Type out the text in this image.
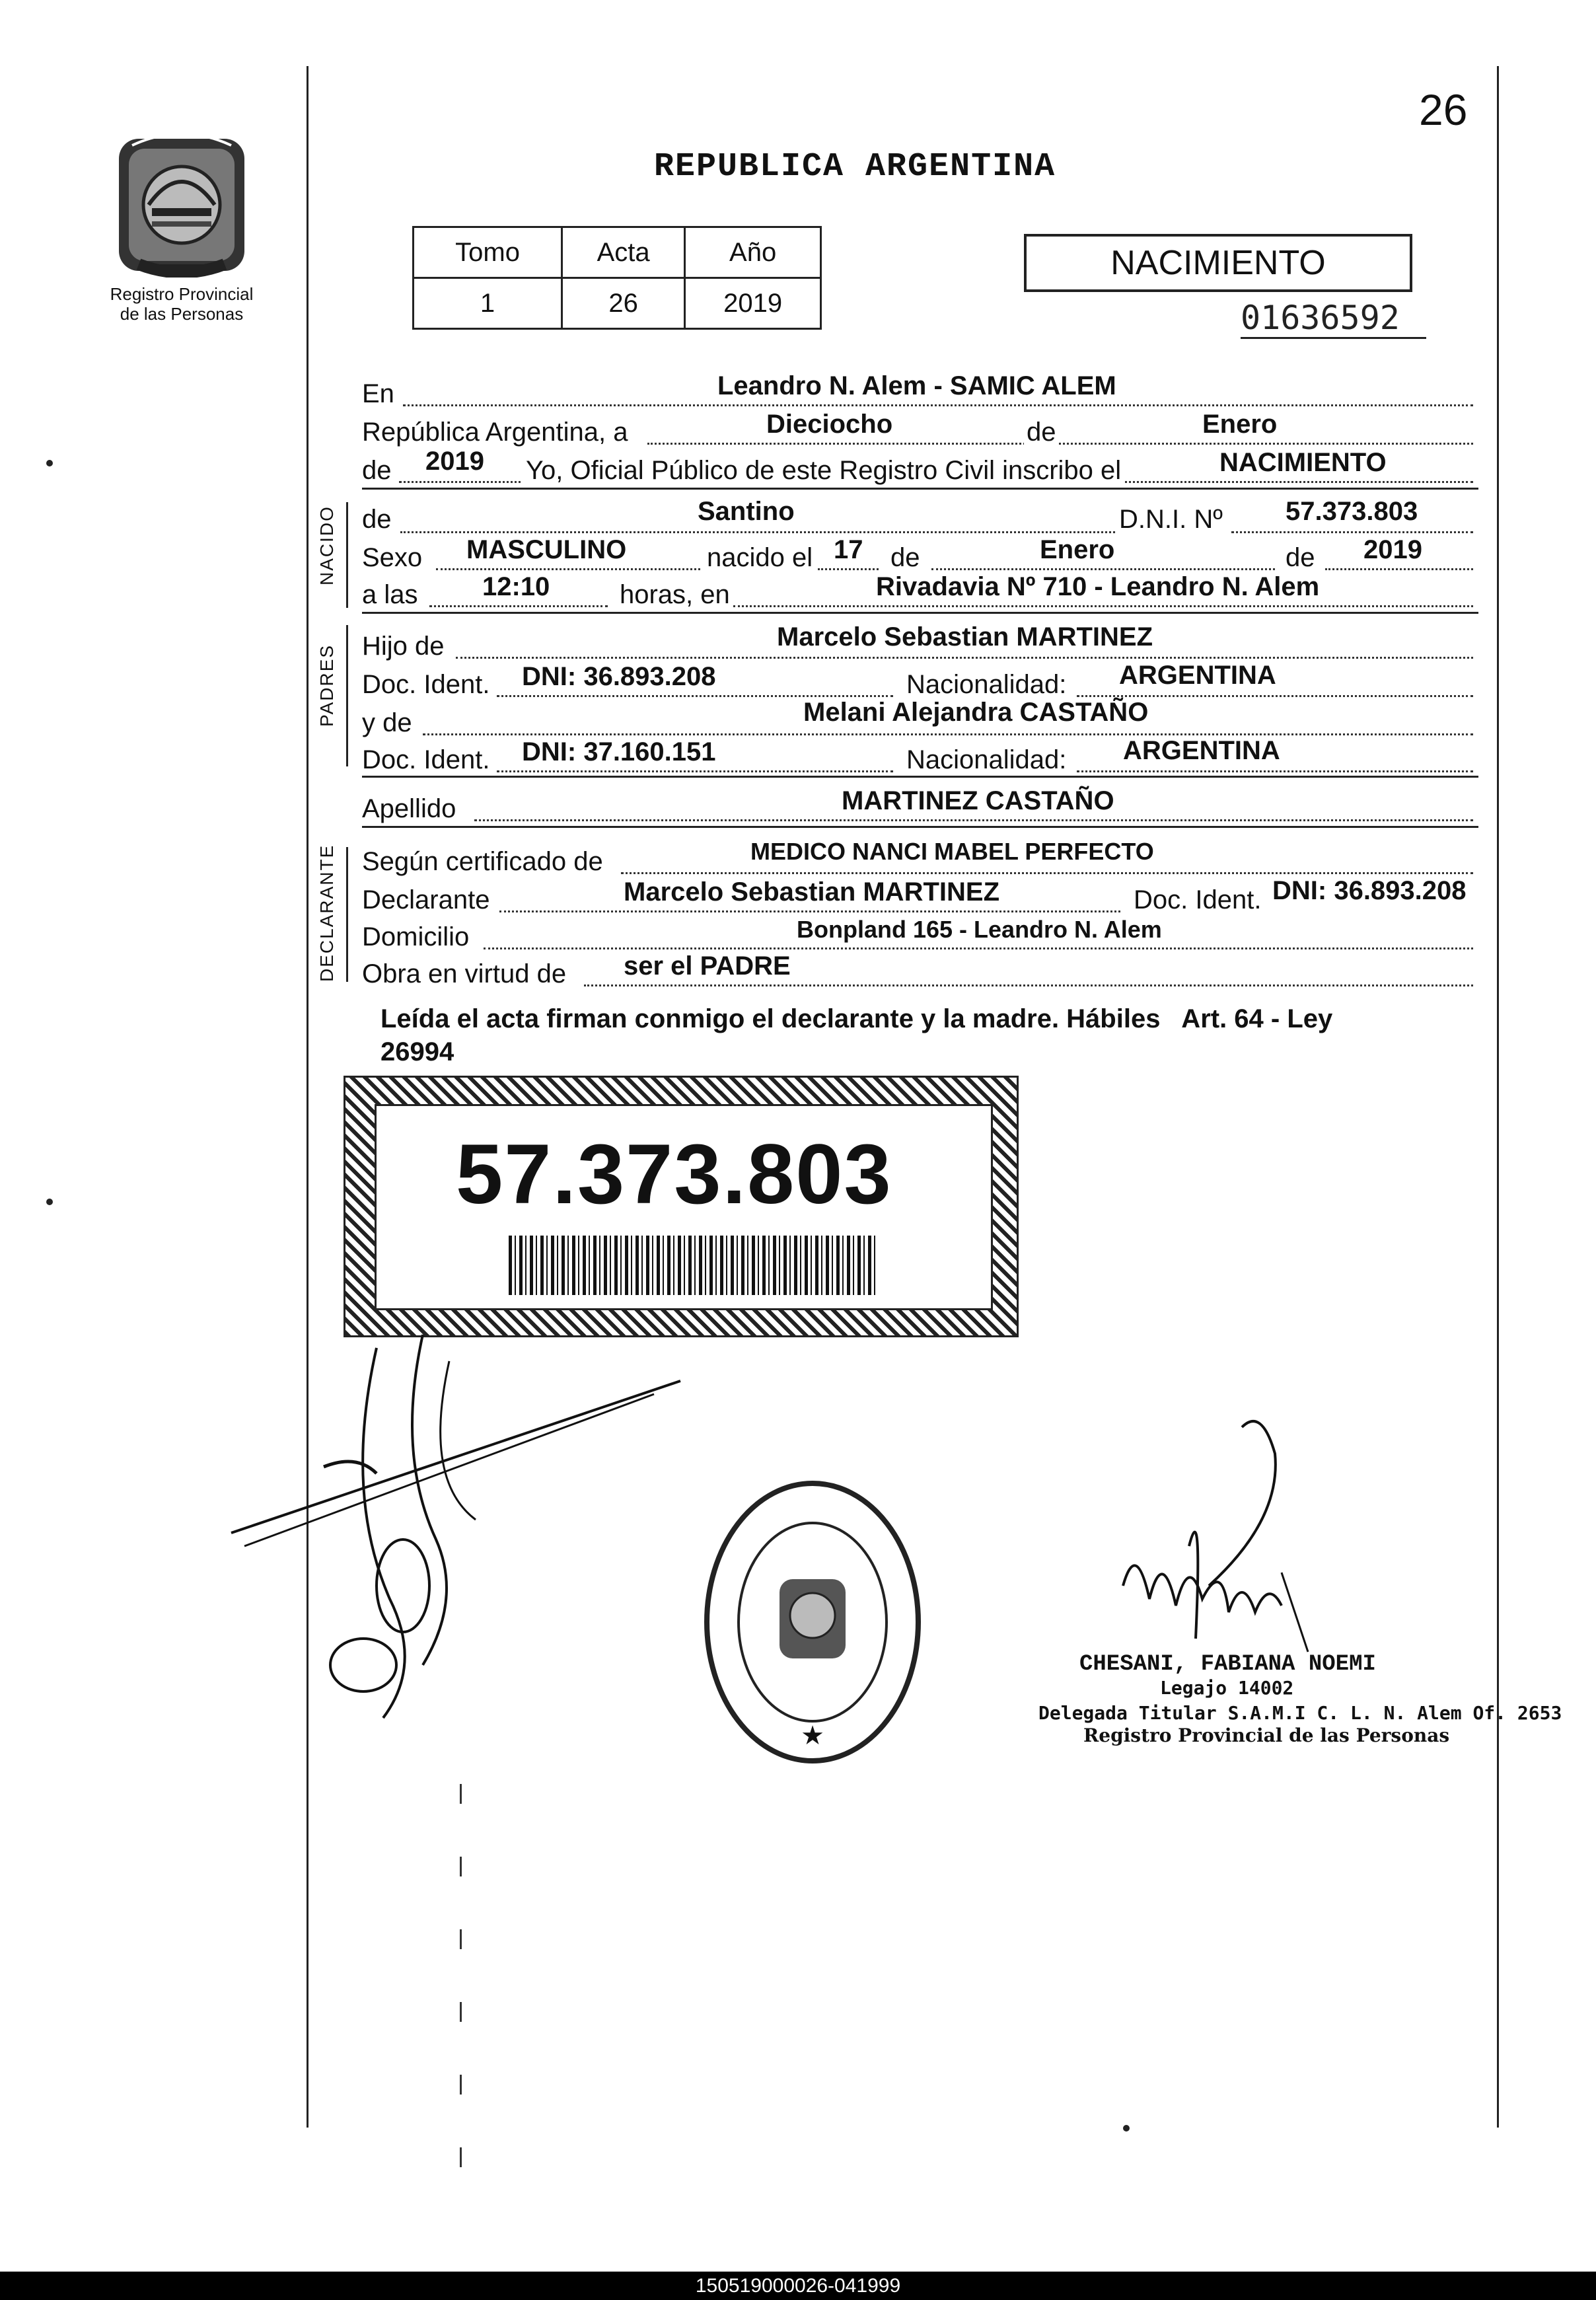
26
Registro Provincial
de las Personas
REPUBLICA ARGENTINA
Tomo	Acta	Año
1	26	2019
NACIMIENTO
01636592
En	Leandro N. Alem - SAMIC ALEM
República Argentina, a	Dieciocho	de	Enero
de 2019 Yo, Oficial Público de este Registro Civil inscribo el	NACIMIENTO
NACIDO de	Santino	D.N.I. Nº 57.373.803
Sexo MASCULINO	nacido el 17 de	Enero	de 2019
a las 12:10	horas, en	Rivadavia Nº 710 - Leandro N. Alem
PADRES Hijo de	Marcelo Sebastian MARTINEZ
Doc. Ident. DNI: 36.893.208	Nacionalidad: ARGENTINA
y de	Melani Alejandra CASTAÑO
Doc. Ident. DNI: 37.160.151	Nacionalidad: ARGENTINA
Apellido	MARTINEZ CASTAÑO
DECLARANTE Según certificado de	MEDICO NANCI MABEL PERFECTO
Declarante	Marcelo Sebastian MARTINEZ	Doc. Ident. DNI: 36.893.208
Domicilio	Bonpland 165 - Leandro N. Alem
Obra en virtud de ser el PADRE
Leída el acta firman conmigo el declarante y la madre. Hábiles   Art. 64 - Ley
26994
57.373.803
★
CHESANI, FABIANA NOEMI
Legajo 14002
Delegada Titular S.A.M.I C. L. N. Alem Of. 2653
Registro Provincial de las Personas
150519000026-041999
